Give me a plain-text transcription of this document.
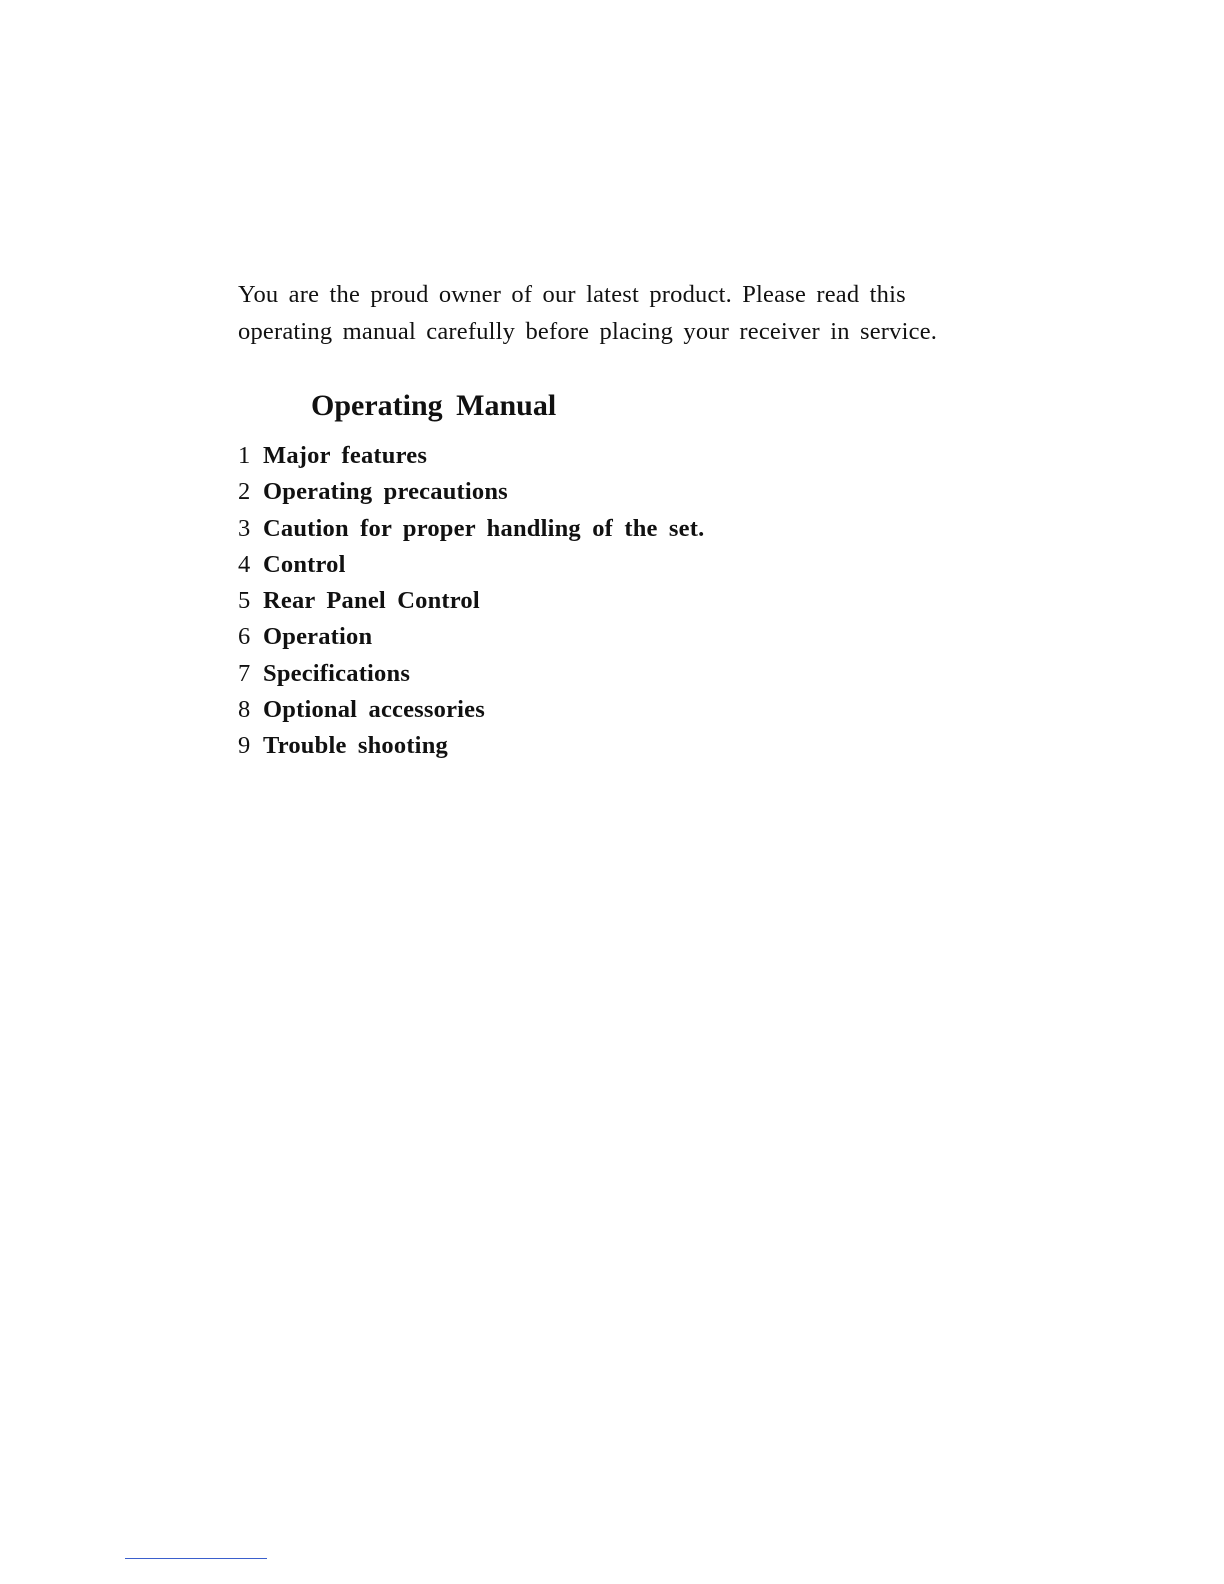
You are the proud owner of our latest product. Please read this
operating manual carefully before placing your receiver in service.

Operating Manual
1 Major features
2 Operating precautions
3 Caution for proper handling of the set.
4 Control
5 Rear Panel Control
6 Operation
7 Specifications
8 Optional accessories
9 Trouble shooting
